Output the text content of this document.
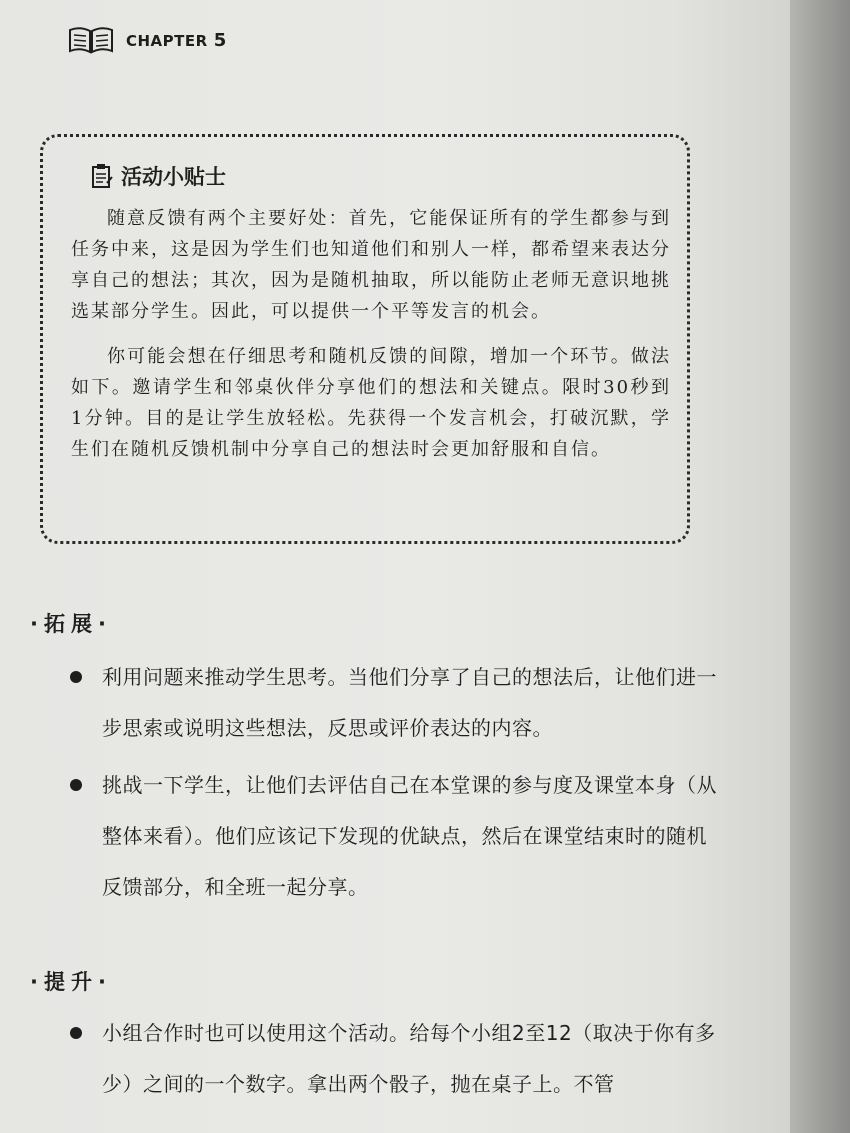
CHAPTER 5
活动小贴士

随意反馈有两个主要好处：首先，它能保证所有的学生都参与到任务中来，这是因为学生们也知道他们和别人一样，都希望来表达分享自己的想法；其次，因为是随机抽取，所以能防止老师无意识地挑选某部分学生。因此，可以提供一个平等发言的机会。

你可能会想在仔细思考和随机反馈的间隙，增加一个环节。做法如下。邀请学生和邻桌伙伴分享他们的想法和关键点。限时30秒到1分钟。目的是让学生放轻松。先获得一个发言机会，打破沉默，学生们在随机反馈机制中分享自己的想法时会更加舒服和自信。

·拓展·
利用问题来推动学生思考。当他们分享了自己的想法后，让他们进一步思索或说明这些想法，反思或评价表达的内容。
挑战一下学生，让他们去评估自己在本堂课的参与度及课堂本身（从整体来看）。他们应该记下发现的优缺点，然后在课堂结束时的随机反馈部分，和全班一起分享。
·提升·
小组合作时也可以使用这个活动。给每个小组2至12（取决于你有多少）之间的一个数字。拿出两个骰子，抛在桌子上。不管
